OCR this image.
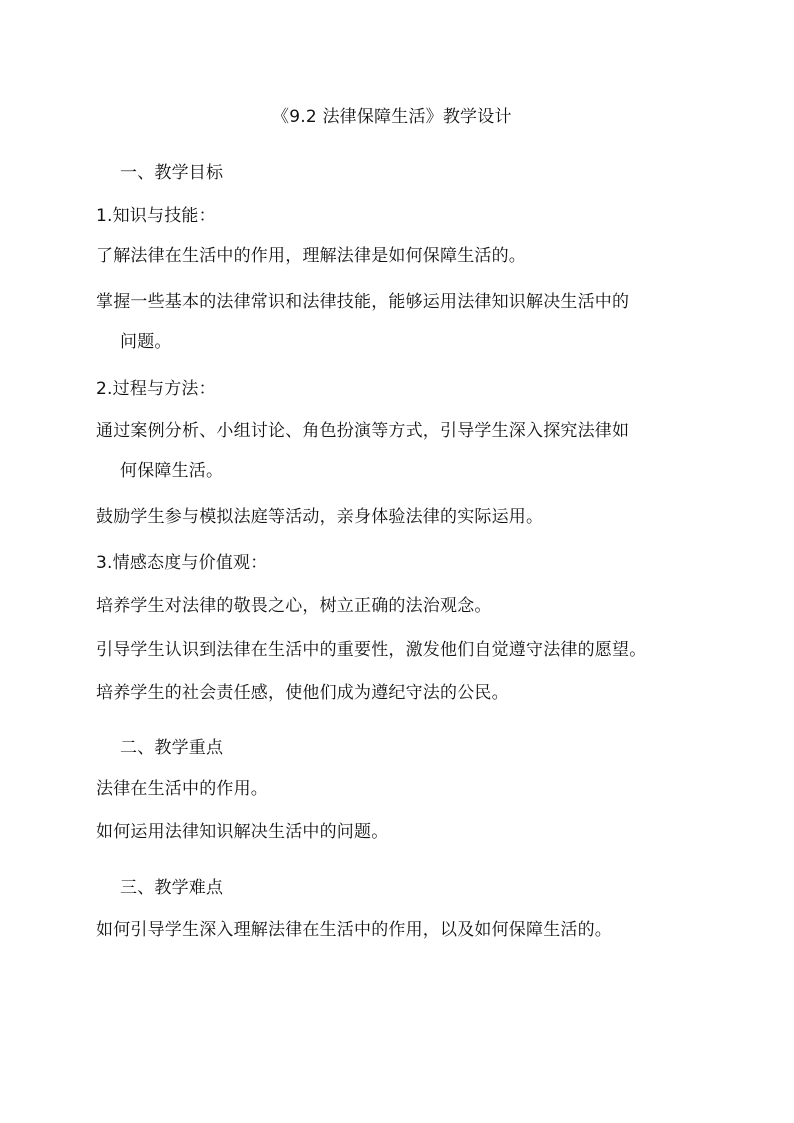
《9.2 法律保障生活》教学设计
一、教学目标
1.知识与技能：
了解法律在生活中的作用，理解法律是如何保障生活的。
掌握一些基本的法律常识和法律技能，能够运用法律知识解决生活中的
问题。
2.过程与方法：
通过案例分析、小组讨论、角色扮演等方式，引导学生深入探究法律如
何保障生活。
鼓励学生参与模拟法庭等活动，亲身体验法律的实际运用。
3.情感态度与价值观：
培养学生对法律的敬畏之心，树立正确的法治观念。
引导学生认识到法律在生活中的重要性，激发他们自觉遵守法律的愿望。
培养学生的社会责任感，使他们成为遵纪守法的公民。
二、教学重点
法律在生活中的作用。
如何运用法律知识解决生活中的问题。
三、教学难点
如何引导学生深入理解法律在生活中的作用，以及如何保障生活的。
